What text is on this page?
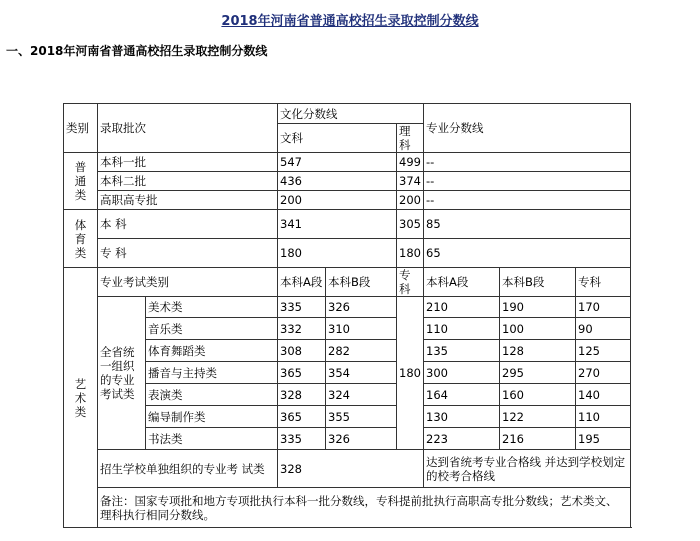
2018年河南省普通高校招生录取控制分数线
一、2018年河南省普通高校招生录取控制分数线
类别	录取批次		文化分数线			专业分数线		
			文科		理科			
普
通
类	本科一批		547		499	--		
	本科二批		436		374	--		
	高职高专批		200		200	--		
体
育
类	本 科		341		305	85		
	专 科		180		180	65		
艺
术
类	专业考试类别		本科A段	本科B段	专科	本科A段	本科B段	专科
	全省统一组织的专业考试类	美术类	335	326	180	210	190	170
		音乐类	332	310		110	100	90
		体育舞蹈类	308	282		135	128	125
		播音与主持类	365	354		300	295	270
		表演类	328	324		164	160	140
		编导制作类	365	355		130	122	110
		书法类	335	326		223	216	195
	招生学校单独组织的专业考 试类		328			达到省统考专业合格线 并达到学校划定的校考合格线		
	备注：国家专项批和地方专项批执行本科一批分数线，专科提前批执行高职高专批分数线；艺术类文、理科执行相同分数线。							
